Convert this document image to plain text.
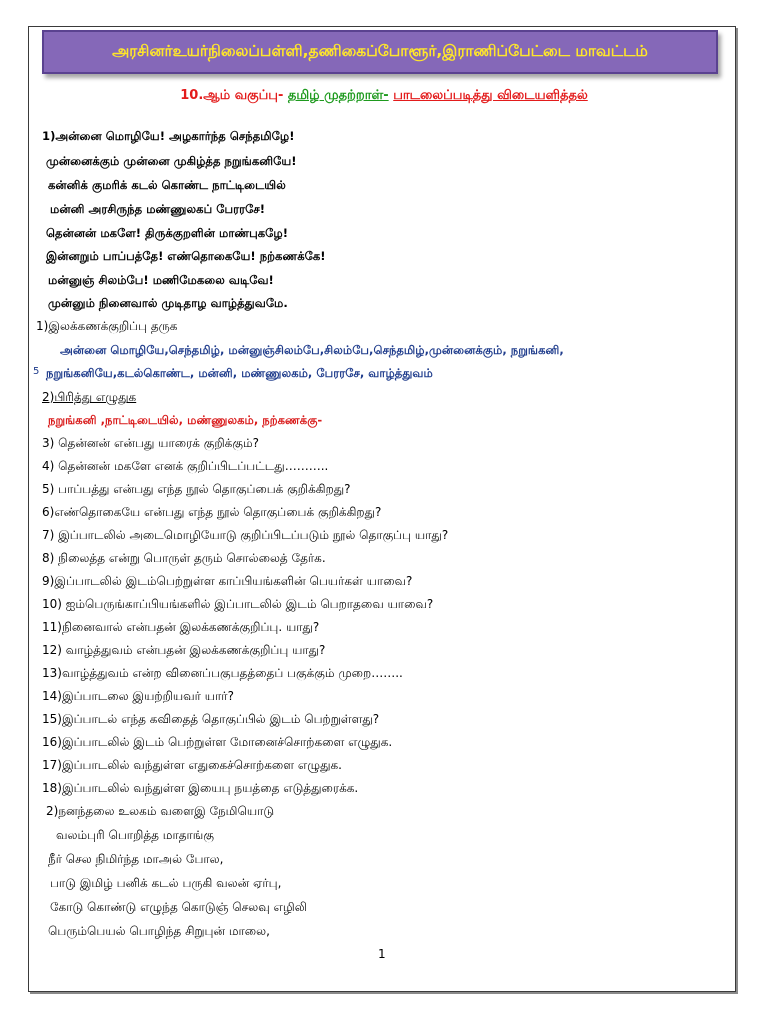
அரசினர்உயர்நிலைப்பள்ளி,தணிகைப்போளூர்,இராணிப்பேட்டை மாவட்டம்
10.ஆம் வகுப்பு- தமிழ் முதற்றாள்- பாடலைப்படித்து விடையளித்தல்
1)அன்னை மொழியே! அழகார்ந்த செந்தமிழே!
முன்னைக்கும் முன்னை முகிழ்த்த நறுங்கனியே!
கன்னிக் குமரிக் கடல் கொண்ட நாட்டிடையில்
மன்னி அரசிருந்த மண்ணுலகப் பேரரசே!
தென்னன் மகளே! திருக்குறளின் மாண்புகழே!
இன்னறும் பாப்பத்தே! எண்தொகையே! நற்கணக்கே!
மன்னுஞ் சிலம்பே! மணிமேகலை வடிவே!
முன்னும் நினைவால் முடிதாழ வாழ்த்துவமே.
1)இலக்கணக்குறிப்பு தருக
அன்னை மொழியே,செந்தமிழ், மன்னுஞ்சிலம்பே,சிலம்பே,செந்தமிழ்,முன்னைக்கும், நறுங்கனி,
5 நறுங்கனியே,கடல்கொண்ட, மன்னி, மண்ணுலகம், பேரரசே, வாழ்த்துவம்
2)பிரித்து எழுதுக
நறுங்கனி ,நாட்டிடையில், மண்ணுலகம், நற்கணக்கு-
3) தென்னன் என்பது யாரைக் குறிக்கும்?
4) தென்னன் மகளே எனக் குறிப்பிடப்பட்டது………..
5) பாப்பத்து என்பது எந்த நூல் தொகுப்பைக் குறிக்கிறது?
6)எண்தொகையே என்பது எந்த நூல் தொகுப்பைக் குறிக்கிறது?
7) இப்பாடலில் அடைமொழியோடு குறிப்பிடப்படும் நூல் தொகுப்பு யாது?
8) நிலைத்த என்று பொருள் தரும் சொல்லைத் தேர்க.
9)இப்பாடலில் இடம்பெற்றுள்ள காப்பியங்களின் பெயர்கள் யாவை?
10) ஐம்பெருங்காப்பியங்களில் இப்பாடலில் இடம் பெறாதவை யாவை?
11)நினைவால் என்பதன் இலக்கணக்குறிப்பு. யாது?
12) வாழ்த்துவம் என்பதன் இலக்கணக்குறிப்பு யாது?
13)வாழ்த்துவம் என்ற வினைப்பகுபதத்தைப் பகுக்கும் முறை……..
14)இப்பாடலை இயற்றியவர் யார்?
15)இப்பாடல் எந்த கவிதைத் தொகுப்பில் இடம் பெற்றுள்ளது?
16)இப்பாடலில் இடம் பெற்றுள்ள மோனைச்சொற்களை எழுதுக.
17)இப்பாடலில் வந்துள்ள எதுகைச்சொற்களை எழுதுக.
18)இப்பாடலில் வந்துள்ள இயைபு நயத்தை எடுத்துரைக்க.
2)நனந்தலை உலகம் வளைஇ நேமியொடு
வலம்புரி பொறித்த மாதாங்கு
நீர் செல நிமிர்ந்த மாஅல் போல,
பாடு இமிழ் பனிக் கடல் பருகி வலன் ஏர்பு,
கோடு கொண்டு எழுந்த கொடுஞ் செலவு எழிலி
பெரும்பெயல் பொழிந்த சிறுபுன் மாலை,
1
